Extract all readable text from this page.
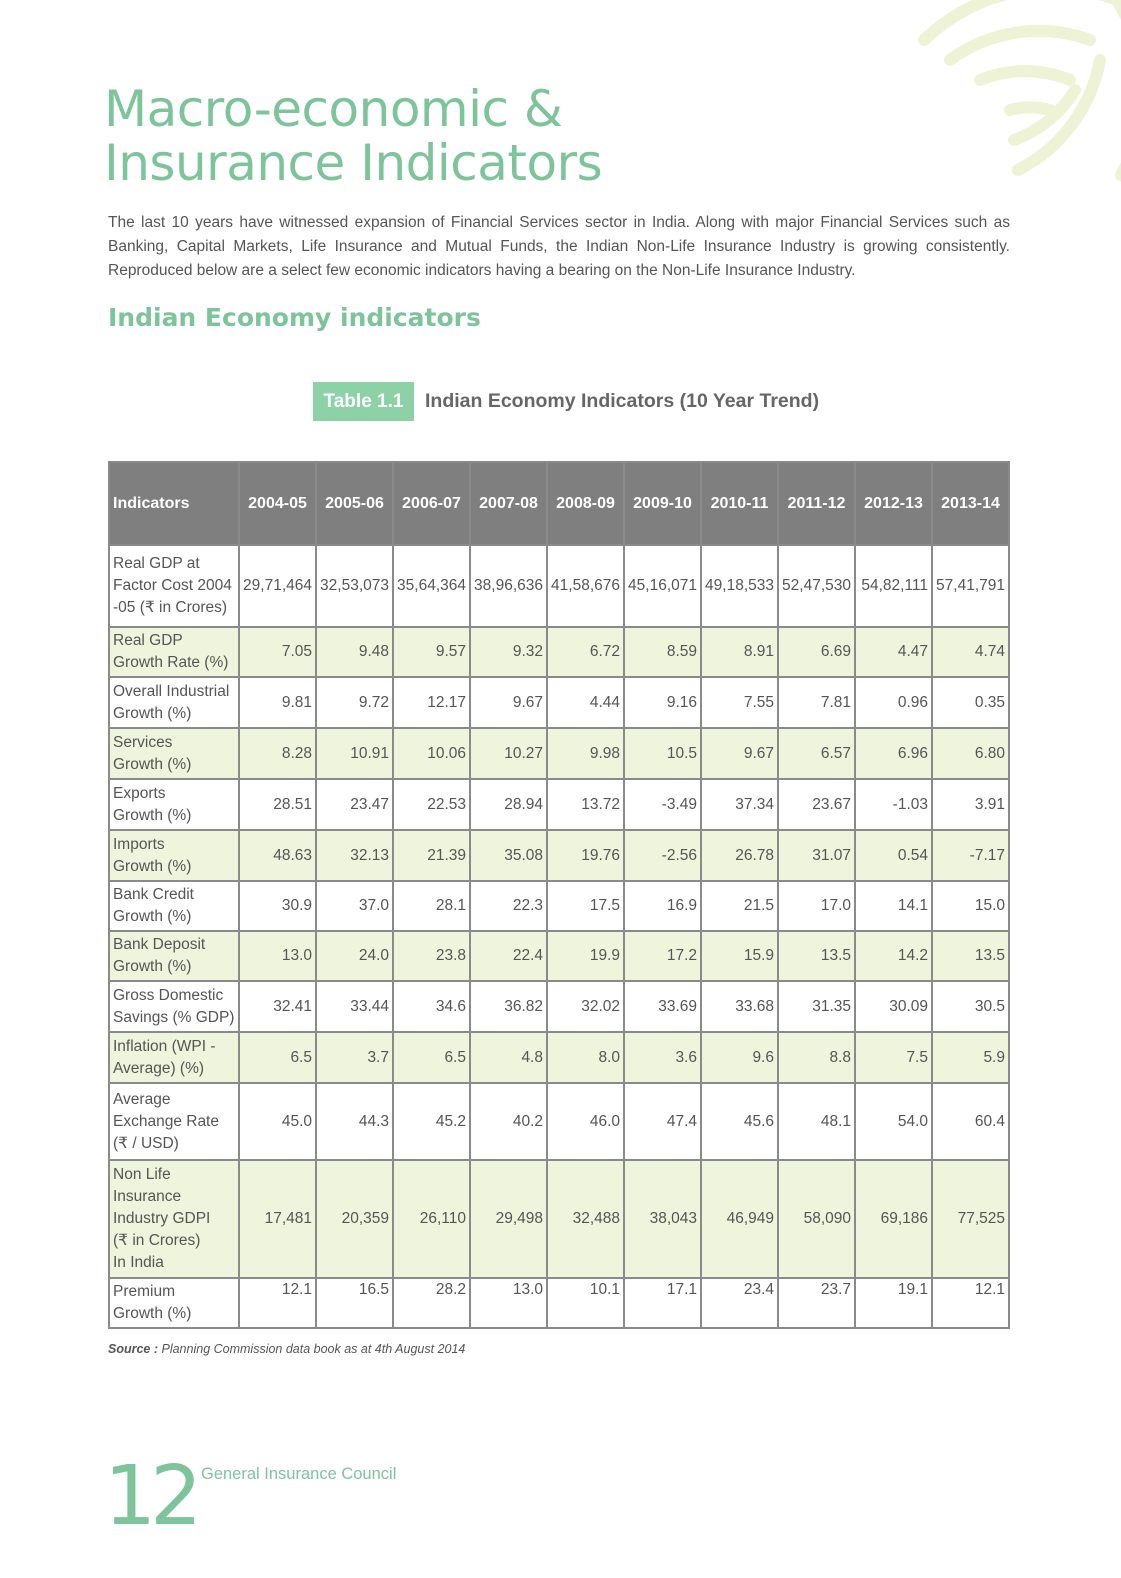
Macro-economic &
Insurance Indicators

The last 10 years have witnessed expansion of Financial Services sector in India. Along with major Financial Services such as Banking, Capital Markets, Life Insurance and Mutual Funds, the Indian Non-Life Insurance Industry is growing consistently. Reproduced below are a select few economic indicators having a bearing on the Non-Life Insurance Industry.

Indian Economy indicators
Table 1.1	Indian Economy Indicators (10 Year Trend)
Indicators	2004-05	2005-06	2006-07	2007-08	2008-09	2009-10	2010-11	2011-12	2012-13	2013-14

Real GDP at
Factor Cost 2004
-05 (₹ in Crores)	29,71,464	32,53,073	35,64,364	38,96,636	41,58,676	45,16,071	49,18,533	52,47,530	54,82,111	57,41,791

Real GDP
Growth Rate (%)	7.05	9.48	9.57	9.32	6.72	8.59	8.91	6.69	4.47	4.74

Overall Industrial
Growth (%)	9.81	9.72	12.17	9.67	4.44	9.16	7.55	7.81	0.96	0.35

Services
Growth (%)	8.28	10.91	10.06	10.27	9.98	10.5	9.67	6.57	6.96	6.80

Exports
Growth (%)	28.51	23.47	22.53	28.94	13.72	-3.49	37.34	23.67	-1.03	3.91

Imports
Growth (%)	48.63	32.13	21.39	35.08	19.76	-2.56	26.78	31.07	0.54	-7.17

Bank Credit
Growth (%)	30.9	37.0	28.1	22.3	17.5	16.9	21.5	17.0	14.1	15.0

Bank Deposit
Growth (%)	13.0	24.0	23.8	22.4	19.9	17.2	15.9	13.5	14.2	13.5

Gross Domestic
Savings (% GDP)	32.41	33.44	34.6	36.82	32.02	33.69	33.68	31.35	30.09	30.5

Inflation (WPI -
Average) (%)	6.5	3.7	6.5	4.8	8.0	3.6	9.6	8.8	7.5	5.9

Average
Exchange Rate
(₹ / USD)	45.0	44.3	45.2	40.2	46.0	47.4	45.6	48.1	54.0	60.4

Non Life
Insurance
Industry GDPI
(₹ in Crores)
In India	17,481	20,359	26,110	29,498	32,488	38,043	46,949	58,090	69,186	77,525

Premium
Growth (%)	12.1	16.5	28.2	13.0	10.1	17.1	23.4	23.7	19.1	12.1

Source : Planning Commission data book as at 4th August 2014

12 General Insurance Council
